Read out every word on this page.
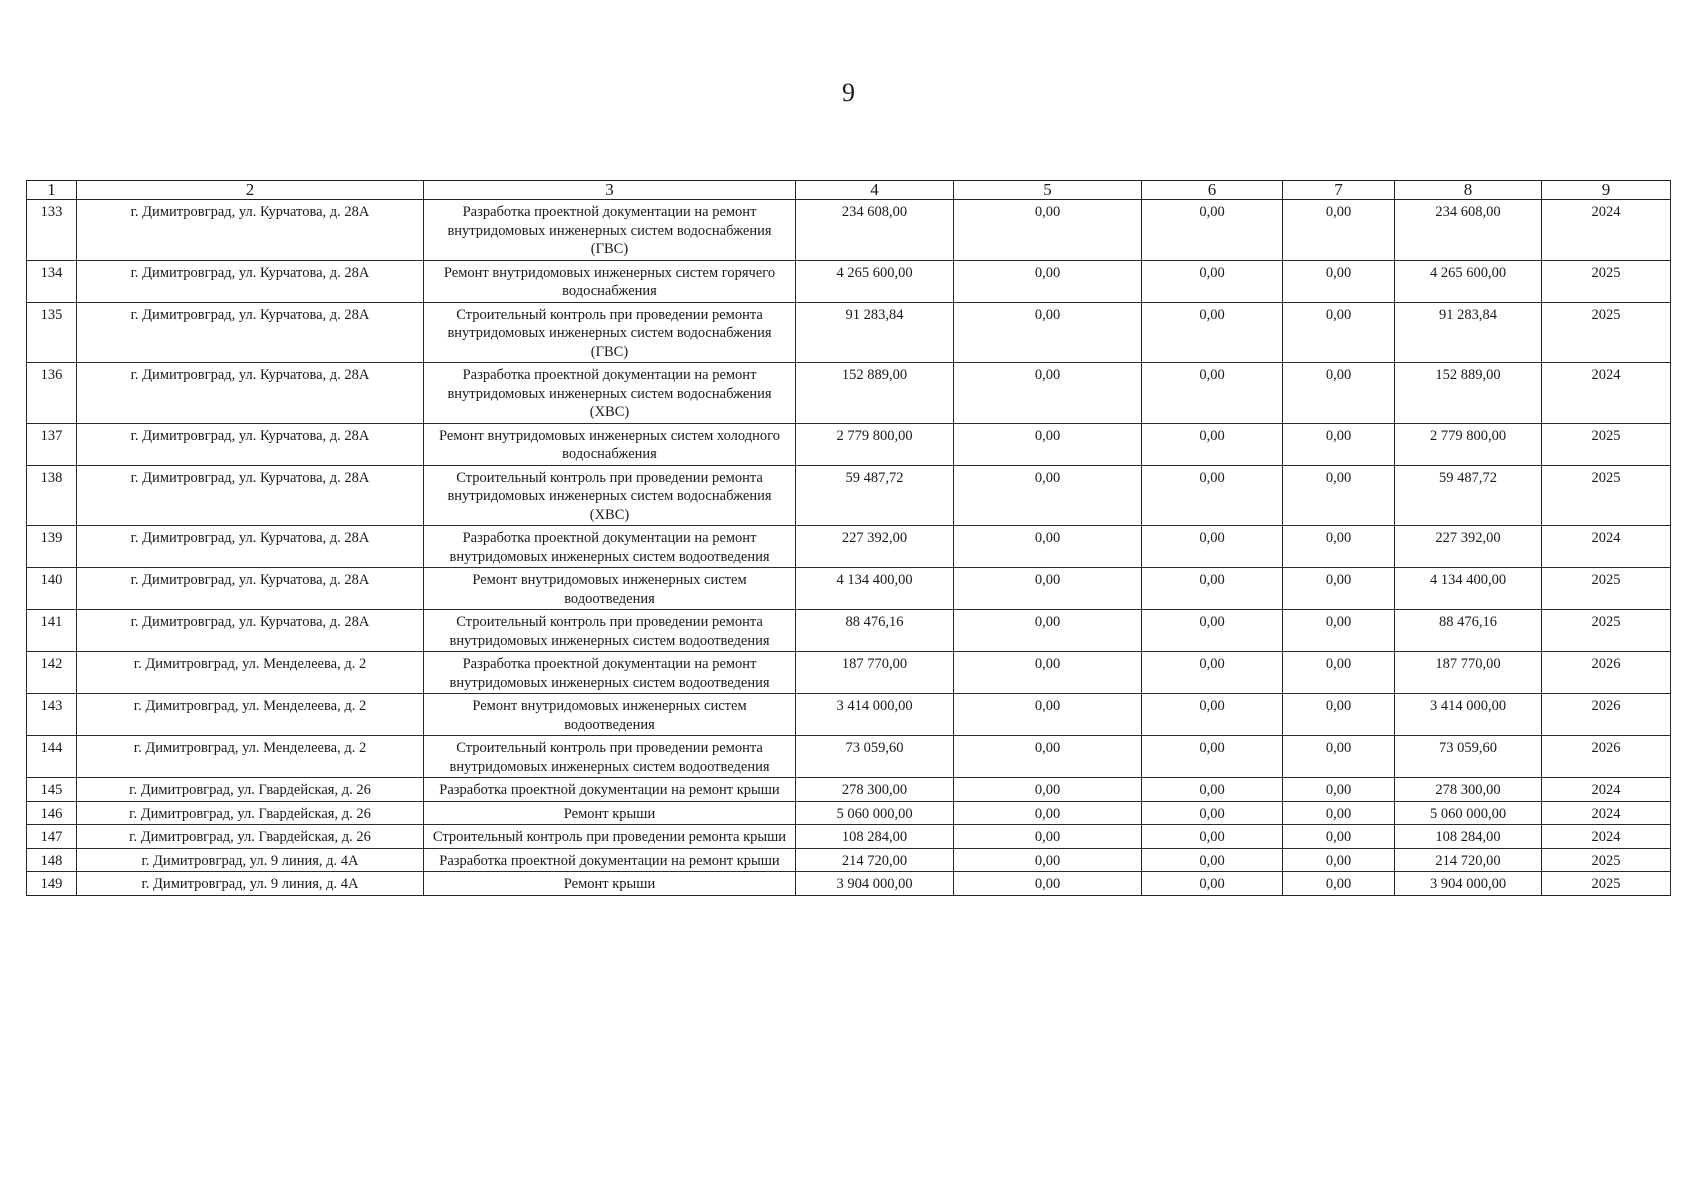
9
1	2	3	4	5	6	7	8	9
133	г. Димитровград, ул. Курчатова, д. 28А	Разработка проектной документации на ремонт внутридомовых инженерных систем водоснабжения (ГВС)	234 608,00	0,00	0,00	0,00	234 608,00	2024
134	г. Димитровград, ул. Курчатова, д. 28А	Ремонт внутридомовых инженерных систем горячего водоснабжения	4 265 600,00	0,00	0,00	0,00	4 265 600,00	2025
135	г. Димитровград, ул. Курчатова, д. 28А	Строительный контроль при проведении ремонта внутридомовых инженерных систем водоснабжения (ГВС)	91 283,84	0,00	0,00	0,00	91 283,84	2025
136	г. Димитровград, ул. Курчатова, д. 28А	Разработка проектной документации на ремонт внутридомовых инженерных систем водоснабжения (ХВС)	152 889,00	0,00	0,00	0,00	152 889,00	2024
137	г. Димитровград, ул. Курчатова, д. 28А	Ремонт внутридомовых инженерных систем холодного водоснабжения	2 779 800,00	0,00	0,00	0,00	2 779 800,00	2025
138	г. Димитровград, ул. Курчатова, д. 28А	Строительный контроль при проведении ремонта внутридомовых инженерных систем водоснабжения (ХВС)	59 487,72	0,00	0,00	0,00	59 487,72	2025
139	г. Димитровград, ул. Курчатова, д. 28А	Разработка проектной документации на ремонт внутридомовых инженерных систем водоотведения	227 392,00	0,00	0,00	0,00	227 392,00	2024
140	г. Димитровград, ул. Курчатова, д. 28А	Ремонт внутридомовых инженерных систем водоотведения	4 134 400,00	0,00	0,00	0,00	4 134 400,00	2025
141	г. Димитровград, ул. Курчатова, д. 28А	Строительный контроль при проведении ремонта внутридомовых инженерных систем водоотведения	88 476,16	0,00	0,00	0,00	88 476,16	2025
142	г. Димитровград, ул. Менделеева, д. 2	Разработка проектной документации на ремонт внутридомовых инженерных систем водоотведения	187 770,00	0,00	0,00	0,00	187 770,00	2026
143	г. Димитровград, ул. Менделеева, д. 2	Ремонт внутридомовых инженерных систем водоотведения	3 414 000,00	0,00	0,00	0,00	3 414 000,00	2026
144	г. Димитровград, ул. Менделеева, д. 2	Строительный контроль при проведении ремонта внутридомовых инженерных систем водоотведения	73 059,60	0,00	0,00	0,00	73 059,60	2026
145	г. Димитровград, ул. Гвардейская, д. 26	Разработка проектной документации на ремонт крыши	278 300,00	0,00	0,00	0,00	278 300,00	2024
146	г. Димитровград, ул. Гвардейская, д. 26	Ремонт крыши	5 060 000,00	0,00	0,00	0,00	5 060 000,00	2024
147	г. Димитровград, ул. Гвардейская, д. 26	Строительный контроль при проведении ремонта крыши	108 284,00	0,00	0,00	0,00	108 284,00	2024
148	г. Димитровград, ул. 9 линия, д. 4А	Разработка проектной документации на ремонт крыши	214 720,00	0,00	0,00	0,00	214 720,00	2025
149	г. Димитровград, ул. 9 линия, д. 4А	Ремонт крыши	3 904 000,00	0,00	0,00	0,00	3 904 000,00	2025
